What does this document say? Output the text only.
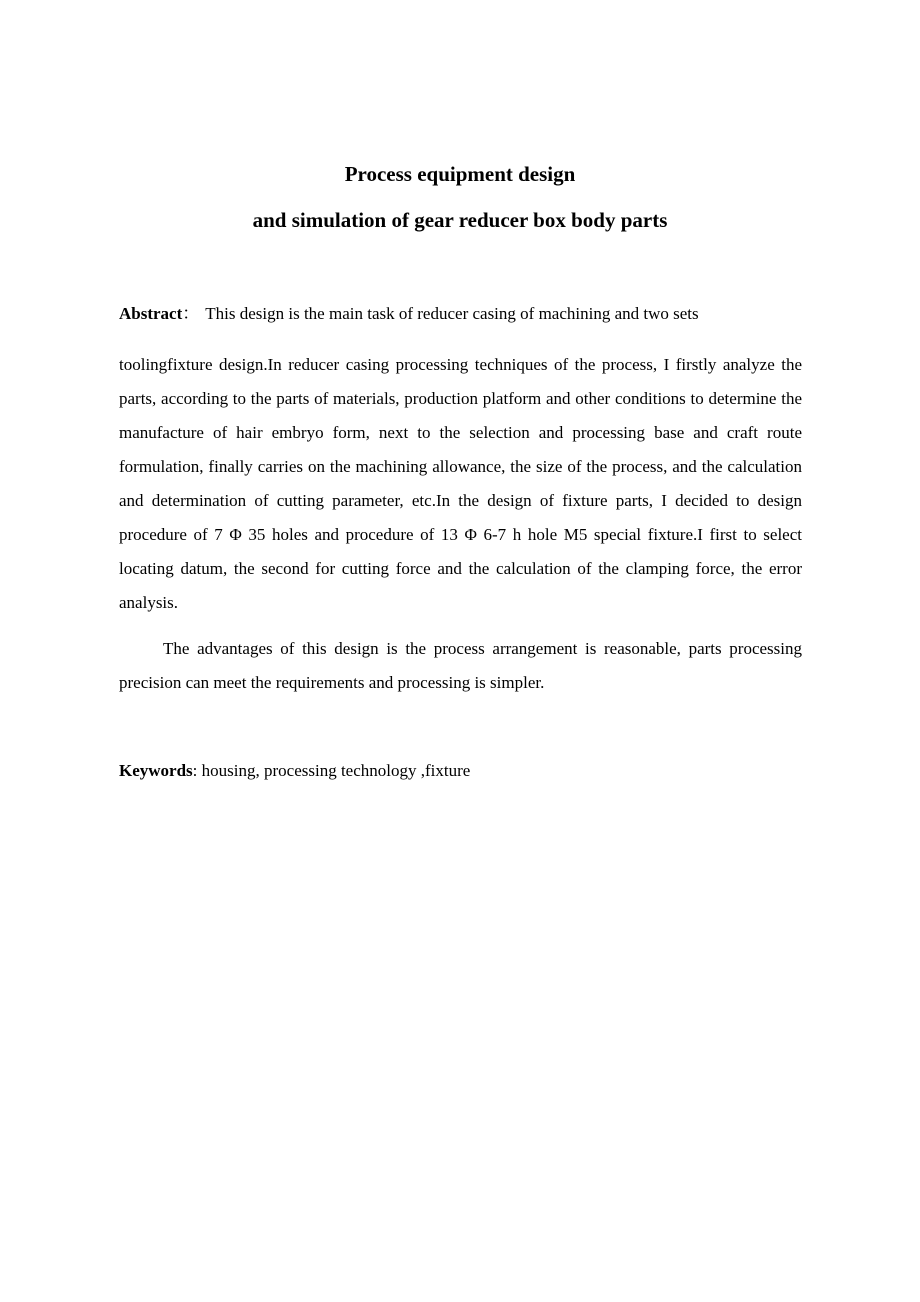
Process equipment design
and simulation of gear reducer box body parts

Abstract： This design is the main task of reducer casing of machining and two sets

toolingfixture design.In reducer casing processing techniques of the process, I firstly analyze the parts, according to the parts of materials, production platform and other conditions to determine the manufacture of hair embryo form, next to the selection and processing base and craft route formulation, finally carries on the machining allowance, the size of the process, and the calculation and determination of cutting parameter, etc.In the design of fixture parts, I decided to design procedure of 7 Φ 35 holes and procedure of 13 Φ 6-7 h hole M5 special fixture.I first to select locating datum, the second for cutting force and the calculation of the clamping force, the error analysis.

The advantages of this design is the process arrangement is reasonable, parts processing precision can meet the requirements and processing is simpler.

Keywords: housing, processing technology ,fixture
